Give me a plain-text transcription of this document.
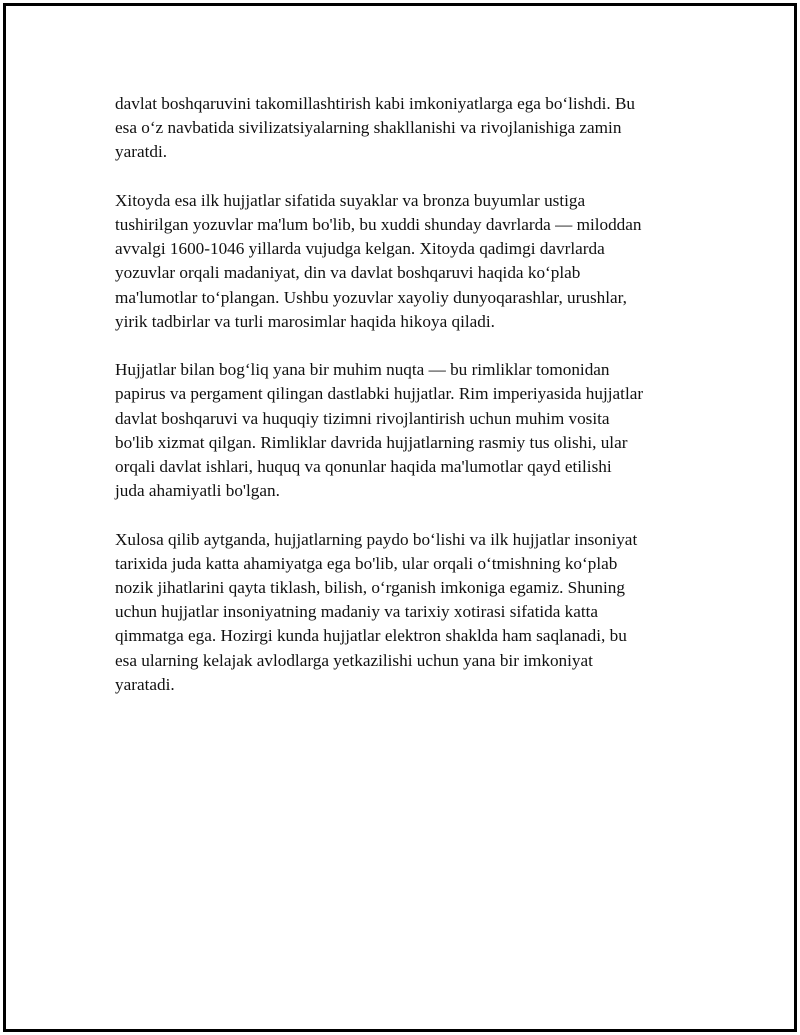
davlat boshqaruvini takomillashtirish kabi imkoniyatlarga ega bo‘lishdi. Bu
esa o‘z navbatida sivilizatsiyalarning shakllanishi va rivojlanishiga zamin
yaratdi.

Xitoyda esa ilk hujjatlar sifatida suyaklar va bronza buyumlar ustiga
tushirilgan yozuvlar ma'lum bo'lib, bu xuddi shunday davrlarda — miloddan
avvalgi 1600-1046 yillarda vujudga kelgan. Xitoyda qadimgi davrlarda
yozuvlar orqali madaniyat, din va davlat boshqaruvi haqida ko‘plab
ma'lumotlar to‘plangan. Ushbu yozuvlar xayoliy dunyoqarashlar, urushlar,
yirik tadbirlar va turli marosimlar haqida hikoya qiladi.

Hujjatlar bilan bog‘liq yana bir muhim nuqta — bu rimliklar tomonidan
papirus va pergament qilingan dastlabki hujjatlar. Rim imperiyasida hujjatlar
davlat boshqaruvi va huquqiy tizimni rivojlantirish uchun muhim vosita
bo'lib xizmat qilgan. Rimliklar davrida hujjatlarning rasmiy tus olishi, ular
orqali davlat ishlari, huquq va qonunlar haqida ma'lumotlar qayd etilishi
juda ahamiyatli bo'lgan.

Xulosa qilib aytganda, hujjatlarning paydo bo‘lishi va ilk hujjatlar insoniyat
tarixida juda katta ahamiyatga ega bo'lib, ular orqali o‘tmishning ko‘plab
nozik jihatlarini qayta tiklash, bilish, o‘rganish imkoniga egamiz. Shuning
uchun hujjatlar insoniyatning madaniy va tarixiy xotirasi sifatida katta
qimmatga ega. Hozirgi kunda hujjatlar elektron shaklda ham saqlanadi, bu
esa ularning kelajak avlodlarga yetkazilishi uchun yana bir imkoniyat
yaratadi.
